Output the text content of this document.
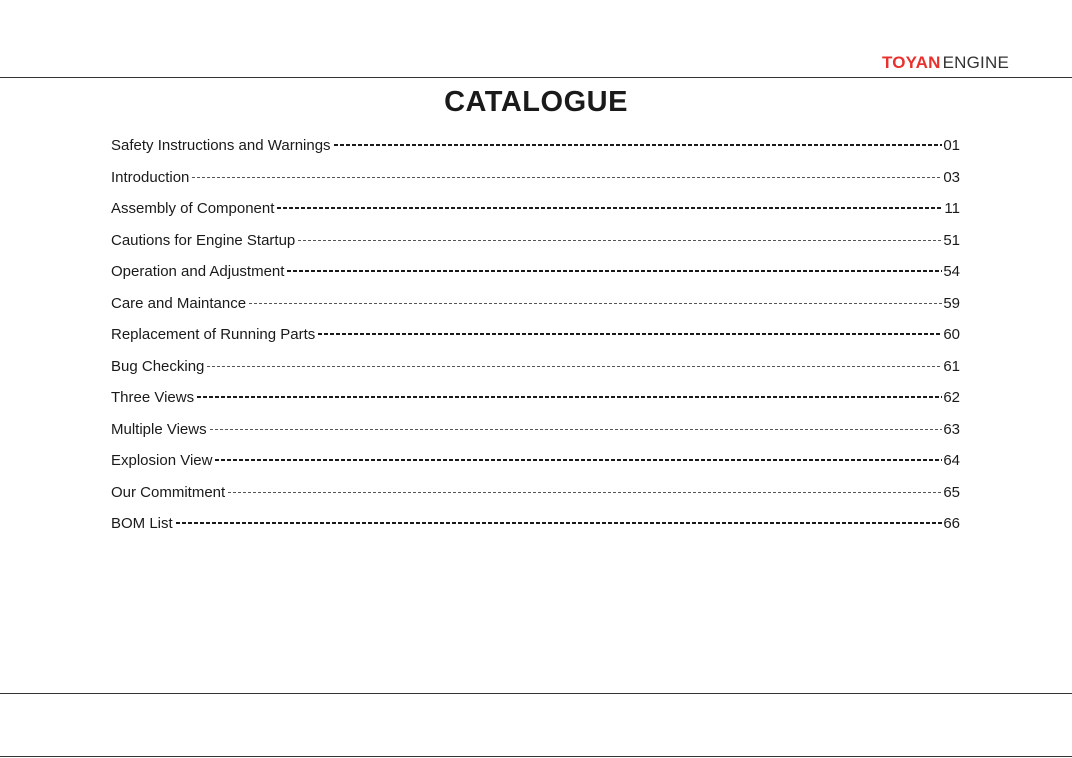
TOYAN ENGINE
CATALOGUE
Safety Instructions and Warnings	01
Introduction	03
Assembly of Component	11
Cautions for Engine Startup	51
Operation and Adjustment	54
Care and Maintance	59
Replacement of Running Parts	60
Bug Checking	61
Three Views	62
Multiple Views	63
Explosion View	64
Our Commitment	65
BOM List	66
